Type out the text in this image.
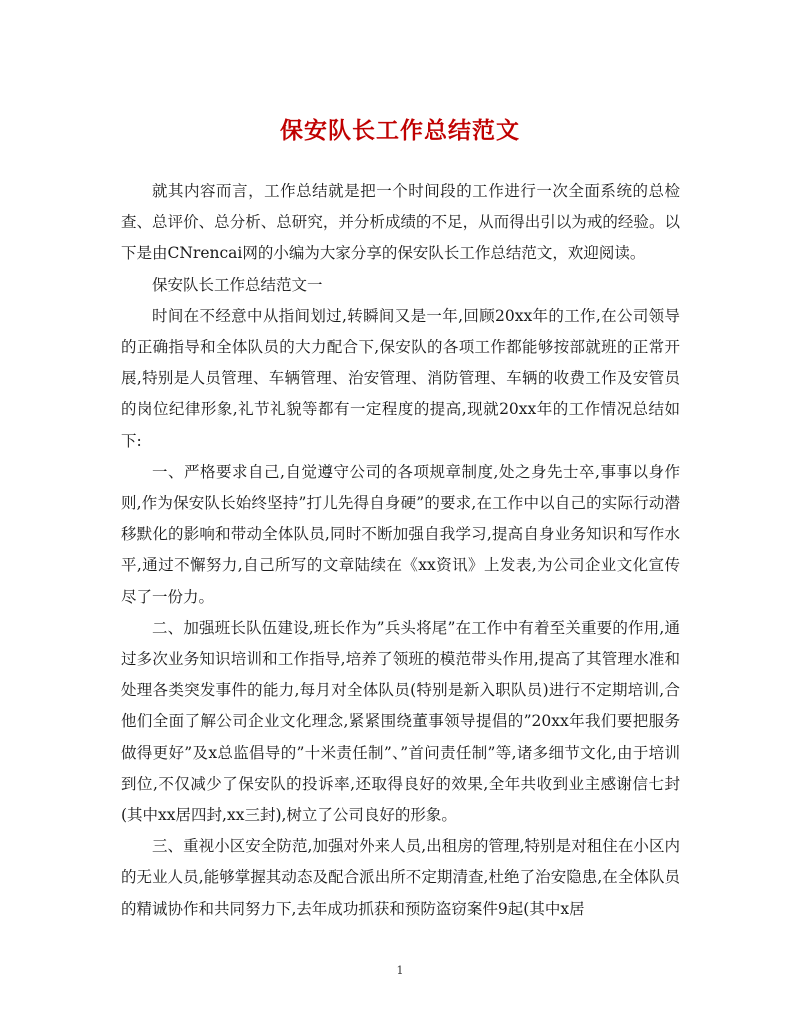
保安队长工作总结范文

就其内容而言，工作总结就是把一个时间段的工作进行一次全面系统的总检查、总评价、总分析、总研究，并分析成绩的不足，从而得出引以为戒的经验。以下是由CNrencai网的小编为大家分享的保安队长工作总结范文，欢迎阅读。

保安队长工作总结范文一

时间在不经意中从指间划过,转瞬间又是一年,回顾20xx年的工作,在公司领导的正确指导和全体队员的大力配合下,保安队的各项工作都能够按部就班的正常开展,特别是人员管理、车辆管理、治安管理、消防管理、车辆的收费工作及安管员的岗位纪律形象,礼节礼貌等都有一定程度的提高,现就20xx年的工作情况总结如下:

一、严格要求自己,自觉遵守公司的各项规章制度,处之身先士卒,事事以身作则,作为保安队长始终坚持”打儿先得自身硬”的要求,在工作中以自己的实际行动潜移默化的影响和带动全体队员,同时不断加强自我学习,提高自身业务知识和写作水平,通过不懈努力,自己所写的文章陆续在《xx资讯》上发表,为公司企业文化宣传尽了一份力。

二、加强班长队伍建设,班长作为”兵头将尾”在工作中有着至关重要的作用,通过多次业务知识培训和工作指导,培养了领班的模范带头作用,提高了其管理水准和处理各类突发事件的能力,每月对全体队员(特别是新入职队员)进行不定期培训,合他们全面了解公司企业文化理念,紧紧围绕董事领导提倡的”20xx年我们要把服务做得更好”及x总监倡导的”十米责任制”、”首问责任制”等,诸多细节文化,由于培训到位,不仅减少了保安队的投诉率,还取得良好的效果,全年共收到业主感谢信七封(其中xx居四封,xx三封),树立了公司良好的形象。

三、重视小区安全防范,加强对外来人员,出租房的管理,特别是对租住在小区内的无业人员,能够掌握其动态及配合派出所不定期清查,杜绝了治安隐患,在全体队员的精诚协作和共同努力下,去年成功抓获和预防盗窃案件9起(其中x居

1
